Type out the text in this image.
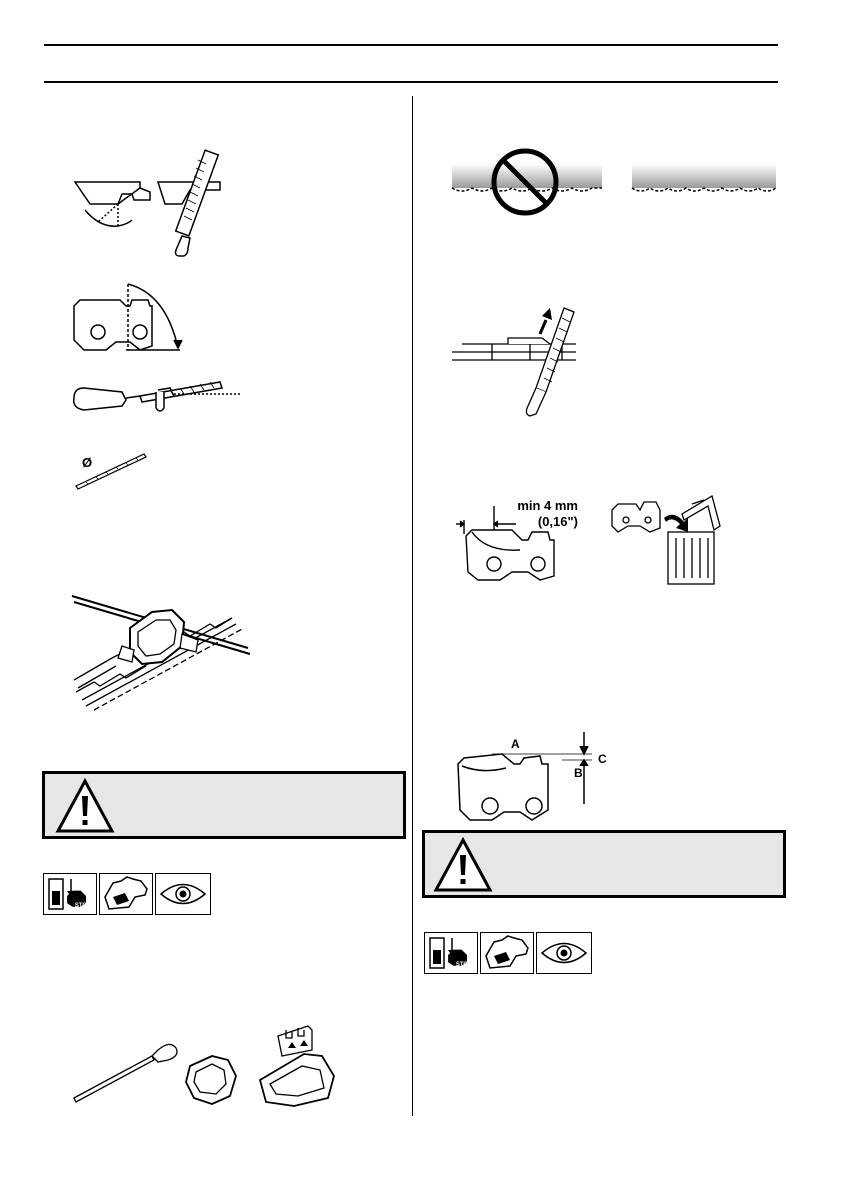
Ø
STOP
min 4 mm
(0,16")
A
B
C
STOP
